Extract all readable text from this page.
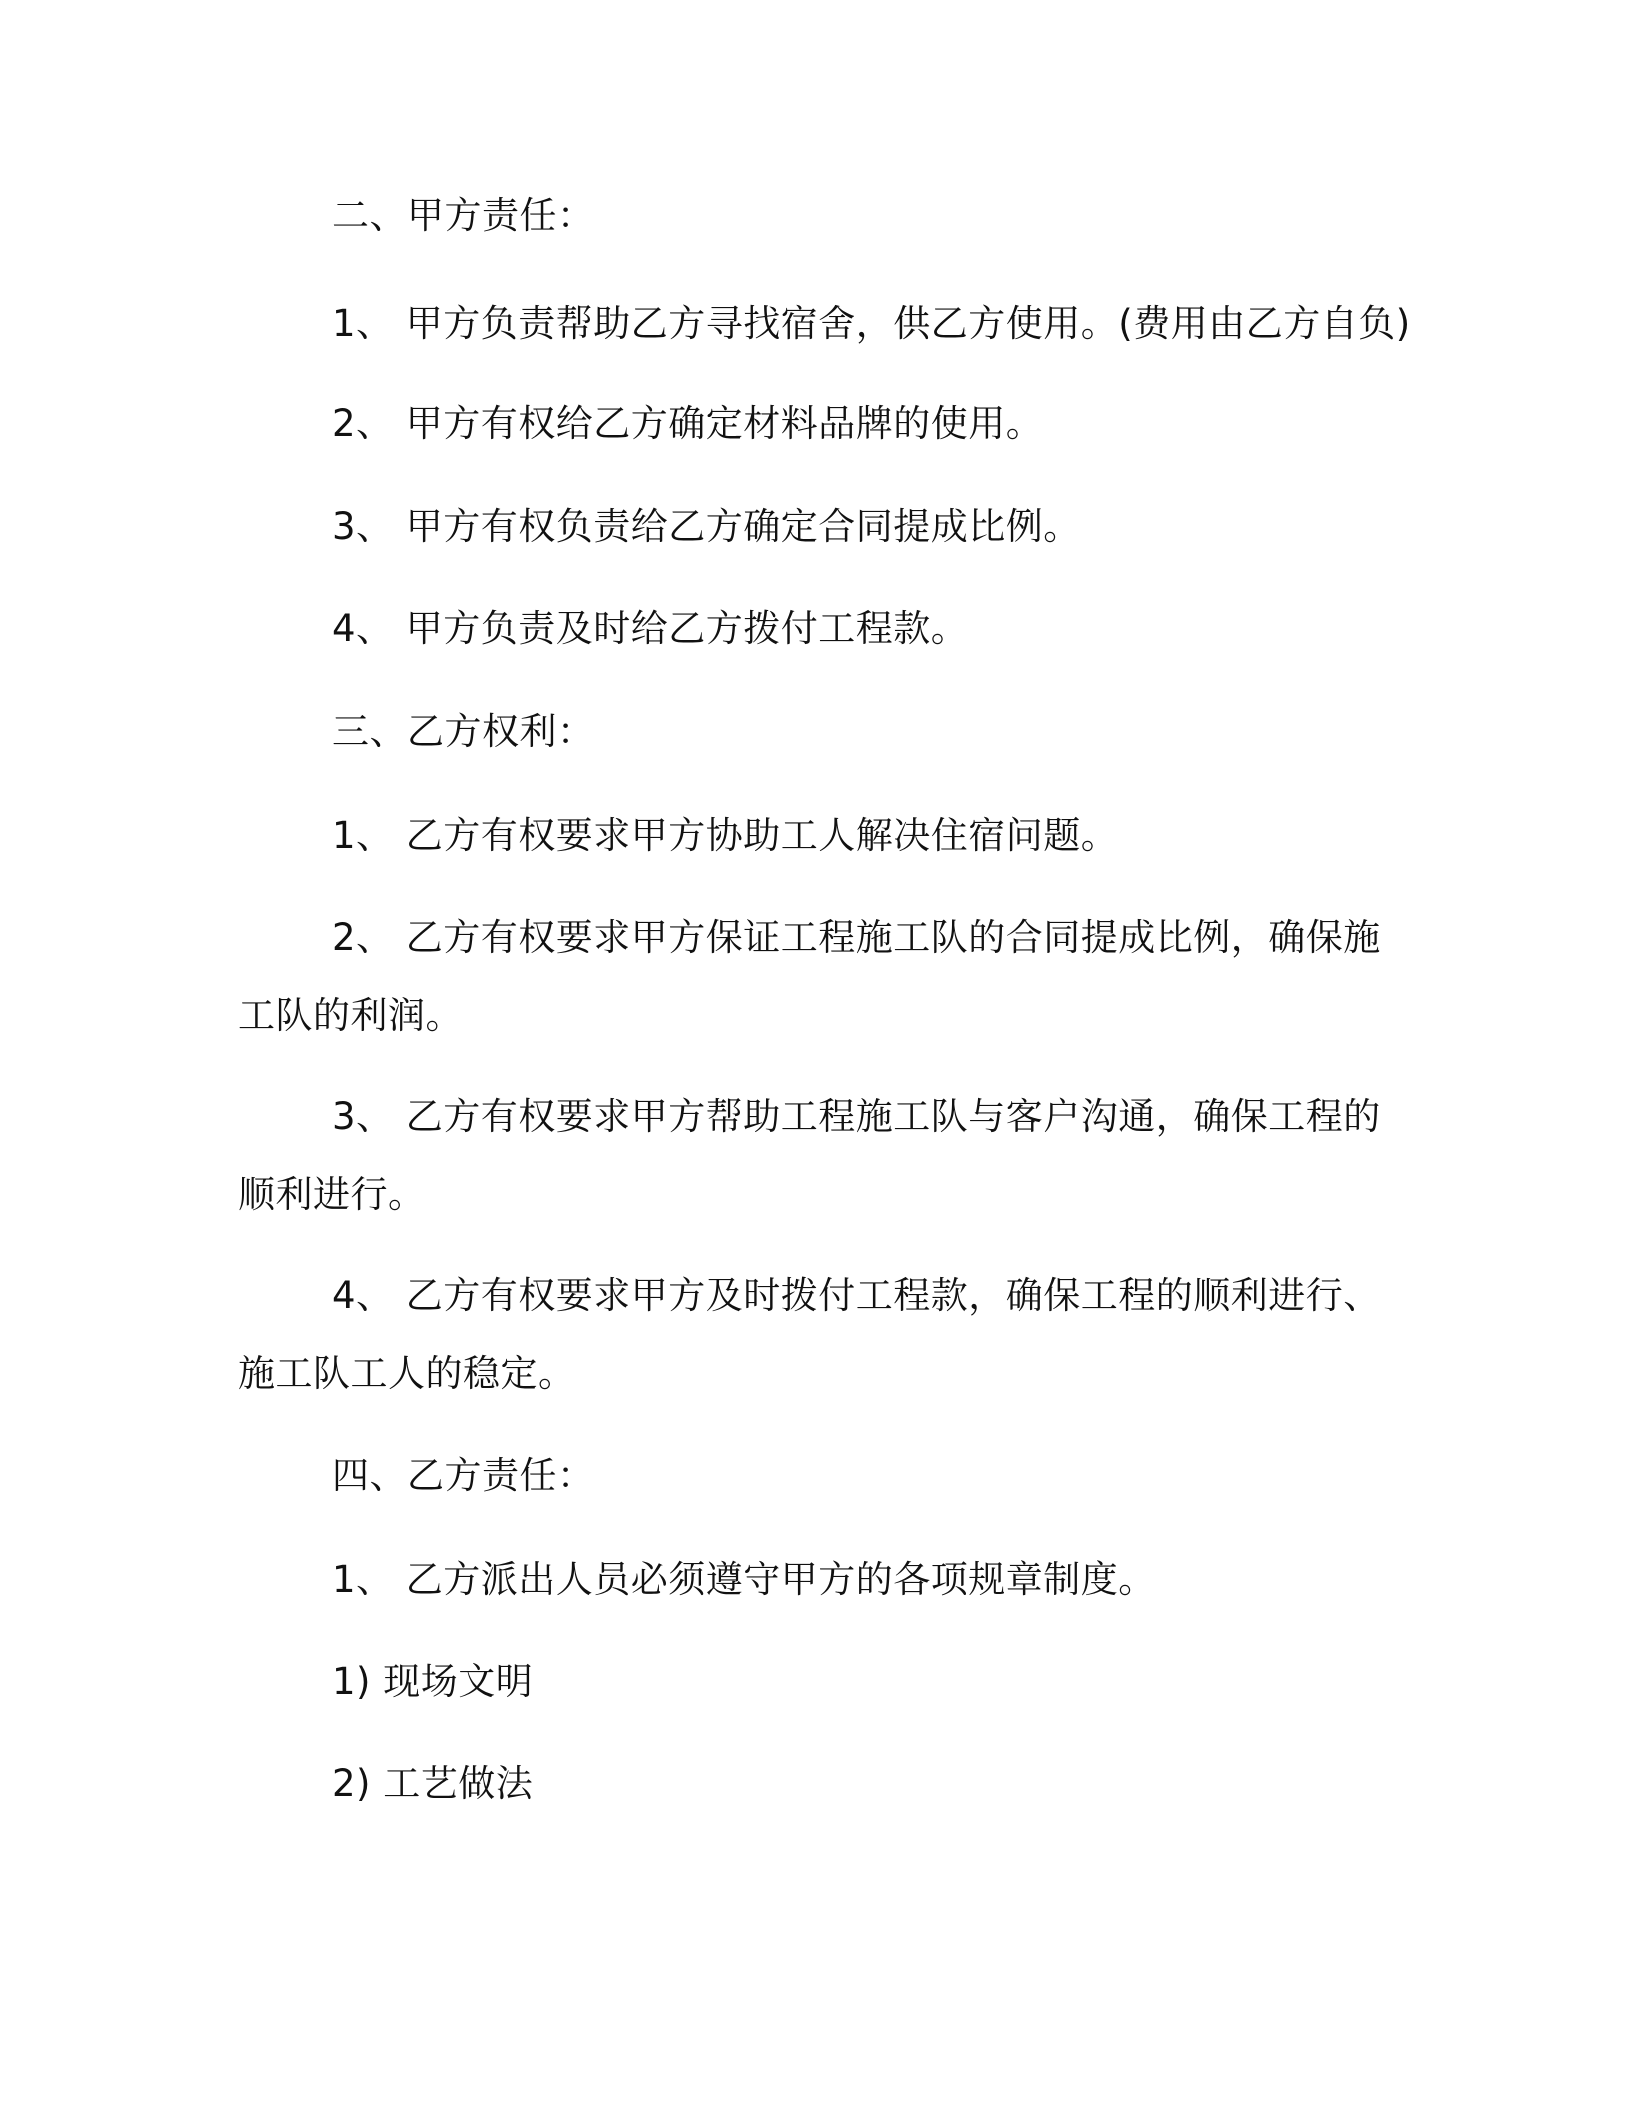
二、甲方责任：
1、 甲方负责帮助乙方寻找宿舍，供乙方使用。(费用由乙方自负)
2、 甲方有权给乙方确定材料品牌的使用。
3、 甲方有权负责给乙方确定合同提成比例。
4、 甲方负责及时给乙方拨付工程款。
三、乙方权利：
1、 乙方有权要求甲方协助工人解决住宿问题。
2、 乙方有权要求甲方保证工程施工队的合同提成比例，确保施
工队的利润。
3、 乙方有权要求甲方帮助工程施工队与客户沟通，确保工程的
顺利进行。
4、 乙方有权要求甲方及时拨付工程款，确保工程的顺利进行、
施工队工人的稳定。
四、乙方责任：
1、 乙方派出人员必须遵守甲方的各项规章制度。
1) 现场文明
2) 工艺做法
